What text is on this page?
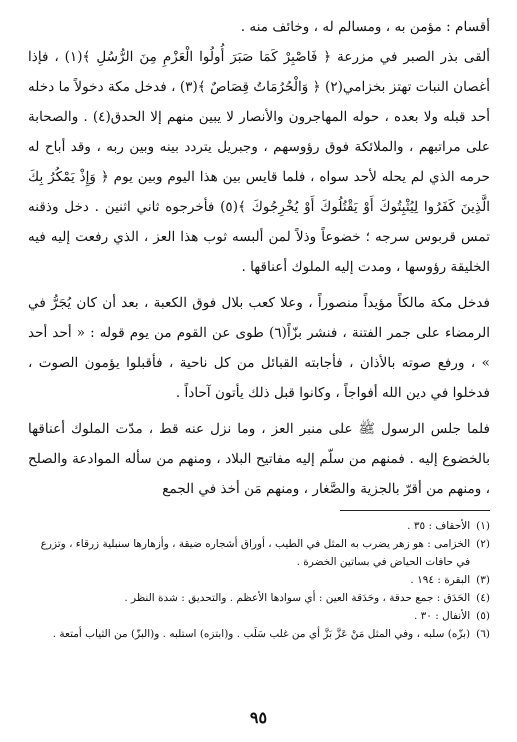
أقسام : مؤمن به ، ومسالم له ، وخائف منه .

ألقى بذر الصبر في مزرعة ﴿ فَاصْبِرْ كَمَا صَبَرَ أُولُوا الْعَزْمِ مِنَ الرُّسُلِ ﴾(١) ، فإذا أغصان النبات تهتز بخزامي(٢) ﴿ وَالْحُرُمَاتُ قِصَاصٌ ﴾(٣) ، فدخل مكة دخولاً ما دخله أحد قبله ولا بعده ، حوله المهاجرون والأنصار لا يبين منهم إلا الحدق(٤) . والصحابة على مراتبهم ، والملائكة فوق رؤوسهم ، وجبريل يتردد بينه وبين ربه ، وقد أباح له حرمه الذي لم يحله لأحد سواه ، فلما قايس بين هذا اليوم وبين يوم ﴿ وَإِذْ يَمْكُرُ بِكَ الَّذِينَ كَفَرُوا لِيُثْبِتُوكَ أَوْ يَقْتُلُوكَ أَوْ يُخْرِجُوكَ ﴾(٥) فأخرجوه ثاني اثنين . دخل وذقنه تمس قربوس سرجه ؛ خضوعاً وذلاً لمن ألبسه ثوب هذا العز ، الذي رفعت إليه فيه الخليقة رؤوسها ، ومدت إليه الملوك أعناقها .

فدخل مكة مالكاً مؤيداً منصوراً ، وعلا كعب بلال فوق الكعبة ، بعد أن كان يُجَرُّ في الرمضاء على جمر الفتنة ، فنشر بزّاً(٦) طوى عن القوم من يوم قوله : « أحد أحد » ، ورفع صوته بالأذان ، فأجابته القبائل من كل ناحية ، فأقبلوا يؤمون الصوت ، فدخلوا في دين الله أفواجاً ، وكانوا قبل ذلك يأتون آحاداً .

فلما جلس الرسول ﷺ على منبر العز ، وما نزل عنه قط ، مدّت الملوك أعناقها بالخضوع إليه . فمنهم من سلّم إليه مفاتيح البلاد ، ومنهم من سأله الموادعة والصلح ، ومنهم من أقرّ بالجزية والصَّغار ، ومنهم مَن أخذ في الجمع

(١)
الأحقاف : ٣٥ .
(٢)
الخزامى : هو زهر يضرب به المثل في الطيب ، أوراق أشجاره ضيقة ، وأزهارها سنبلية زرقاء ، وتزرع في حافات الحياض في بساتين الخضرة .
(٣)
البقرة : ١٩٤ .
(٤)
الحَدَق : جمع حدقة ، وحَدَقة العين : أي سوادها الأعظم . والتحديق : شدة النظر .
(٥)
الأنفال : ٣٠ .
(٦)
(بزّه) سلبه ، وفي المثل مَنْ عَزَّ بَزَّ أي من غلب سَلَب . و(ابتزه) استلبه . و(البزّ) من الثياب أمتعة .
٩٥
